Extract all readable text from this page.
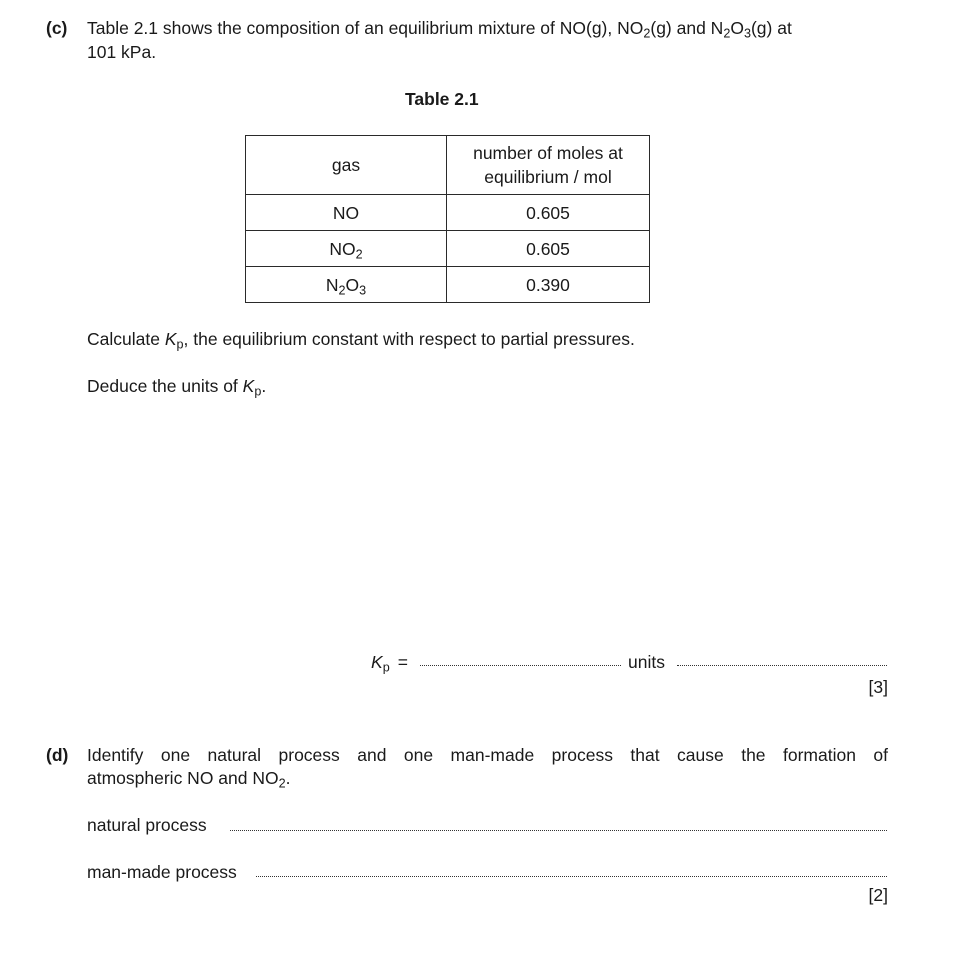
(c) Table 2.1 shows the composition of an equilibrium mixture of NO(g), $NO_2(g)$ and $N_2O_3(g)$ at
101 kPa.
Table 2.1
gas	number of moles at
equilibrium / mol

NO	0.605
$NO_2$	0.605
$N_2O_3$	0.390
Calculate $K_p$, the equilibrium constant with respect to partial pressures.
Deduce the units of $K_p$.
$K_p$ =	units
[3]
(d) Identify one natural process and one man-made process that cause the formation of
atmospheric NO and $NO_2$.
natural process
man-made process
[2]
